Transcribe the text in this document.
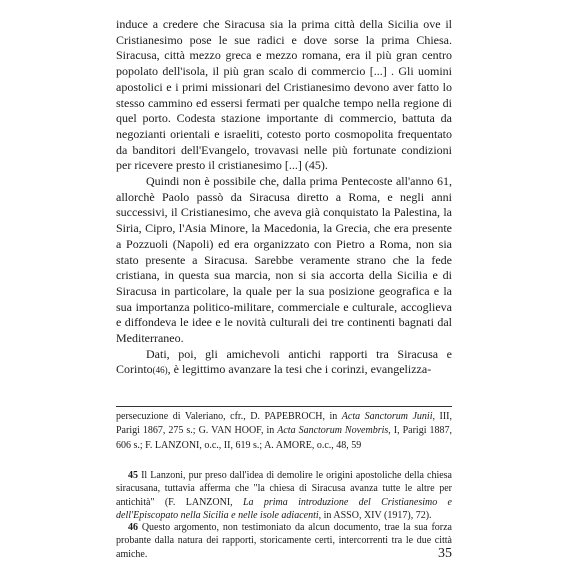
induce a credere che Siracusa sia la prima città della Sicilia ove il Cristianesimo pose le sue radici e dove sorse la prima Chiesa. Siracusa, città mezzo greca e mezzo romana, era il più gran centro popolato dell'isola, il più gran scalo di commercio [...] . Gli uomini apostolici e i primi missionari del Cristianesimo devono aver fatto lo stesso cammino ed essersi fermati per qualche tempo nella regione di quel porto. Codesta stazione importante di commercio, battuta da negozianti orientali e israeliti, cotesto porto cosmopolita frequentato da banditori dell'Evangelo, trovavasi nelle più fortunate condizioni per ricevere presto il cristianesimo [...] (45).

Quindi non è possibile che, dalla prima Pentecoste all'anno 61, allorchè Paolo passò da Siracusa diretto a Roma, e negli anni successivi, il Cristianesimo, che aveva già conquistato la Palestina, la Siria, Cipro, l'Asia Minore, la Macedonia, la Grecia, che era presente a Pozzuoli (Napoli) ed era organizzato con Pietro a Roma, non sia stato presente a Siracusa. Sarebbe veramente strano che la fede cristiana, in questa sua marcia, non si sia accorta della Sicilia e di Siracusa in particolare, la quale per la sua posizione geografica e la sua importanza politico-militare, commerciale e culturale, accoglieva e diffondeva le idee e le novità culturali dei tre continenti bagnati dal Mediterraneo.

Dati, poi, gli amichevoli antichi rapporti tra Siracusa e Corinto(46), è legittimo avanzare la tesi che i corinzi, evangelizza-

persecuzione di Valeriano, cfr., D. PAPEBROCH, in Acta Sanctorum Junii, III, Parigi 1867, 275 s.; G. VAN HOOF, in Acta Sanctorum Novembris, I, Parigi 1887, 606 s.; F. LANZONI, o.c., II, 619 s.; A. AMORE, o.c., 48, 59

45 Il Lanzoni, pur preso dall'idea di demolire le origini apostoliche della chiesa siracusana, tuttavia afferma che "la chiesa di Siracusa avanza tutte le altre per antichità" (F. LANZONI, La prima introduzione del Cristianesimo e dell'Episcopato nella Sicilia e nelle isole adiacenti, in ASSO, XIV (1917), 72).

46 Questo argomento, non testimoniato da alcun documento, trae la sua forza probante dalla natura dei rapporti, storicamente certi, intercorrenti tra le due città amiche.	35
